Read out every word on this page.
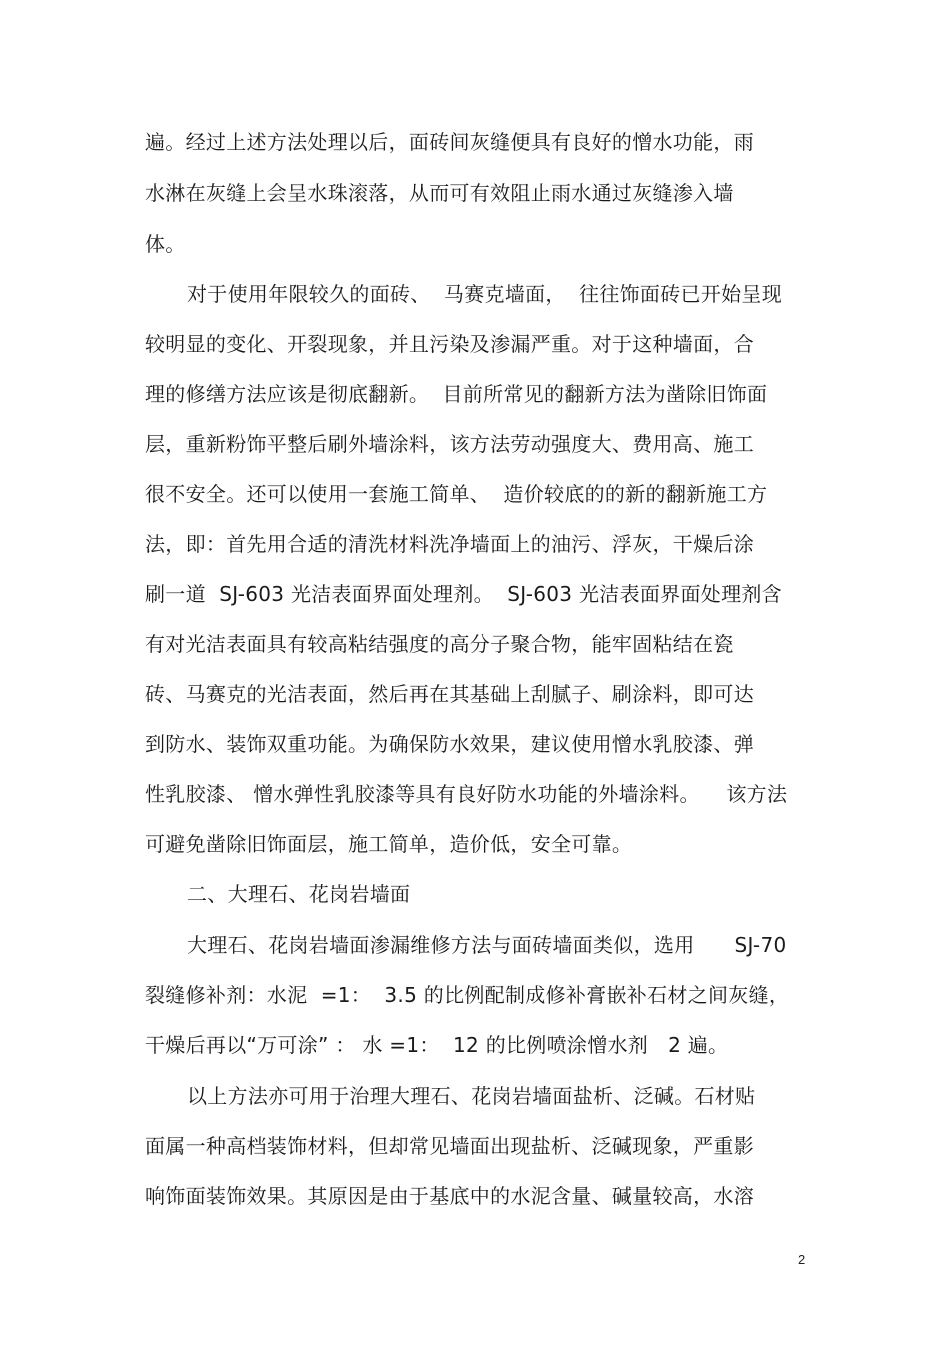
遍。经过上述方法处理以后，面砖间灰缝便具有良好的憎水功能，雨
水淋在灰缝上会呈水珠滚落，从而可有效阻止雨水通过灰缝渗入墙
体。
对于使用年限较久的面砖、  马赛克墙面，  往往饰面砖已开始呈现
较明显的变化、开裂现象，并且污染及渗漏严重。对于这种墙面，合
理的修缮方法应该是彻底翻新。  目前所常见的翻新方法为凿除旧饰面
层，重新粉饰平整后刷外墙涂料，该方法劳动强度大、费用高、施工
很不安全。还可以使用一套施工简单、  造价较底的的新的翻新施工方
法，即：首先用合适的清洗材料洗净墙面上的油污、浮灰，干燥后涂
刷一道  SJ-603 光洁表面界面处理剂。  SJ-603 光洁表面界面处理剂含
有对光洁表面具有较高粘结强度的高分子聚合物，能牢固粘结在瓷
砖、马赛克的光洁表面，然后再在其基础上刮腻子、刷涂料，即可达
到防水、装饰双重功能。为确保防水效果，建议使用憎水乳胶漆、弹
性乳胶漆、 憎水弹性乳胶漆等具有良好防水功能的外墙涂料。    该方法
可避免凿除旧饰面层，施工简单，造价低，安全可靠。
二、大理石、花岗岩墙面
大理石、花岗岩墙面渗漏维修方法与面砖墙面类似，选用      SJ-70
裂缝修补剂：水泥  =1：  3.5 的比例配制成修补膏嵌补石材之间灰缝，
干燥后再以“万可涂” ： 水 =1：  12 的比例喷涂憎水剂   2 遍。
以上方法亦可用于治理大理石、花岗岩墙面盐析、泛碱。石材贴
面属一种高档装饰材料，但却常见墙面出现盐析、泛碱现象，严重影
响饰面装饰效果。其原因是由于基底中的水泥含量、碱量较高，水溶
2
